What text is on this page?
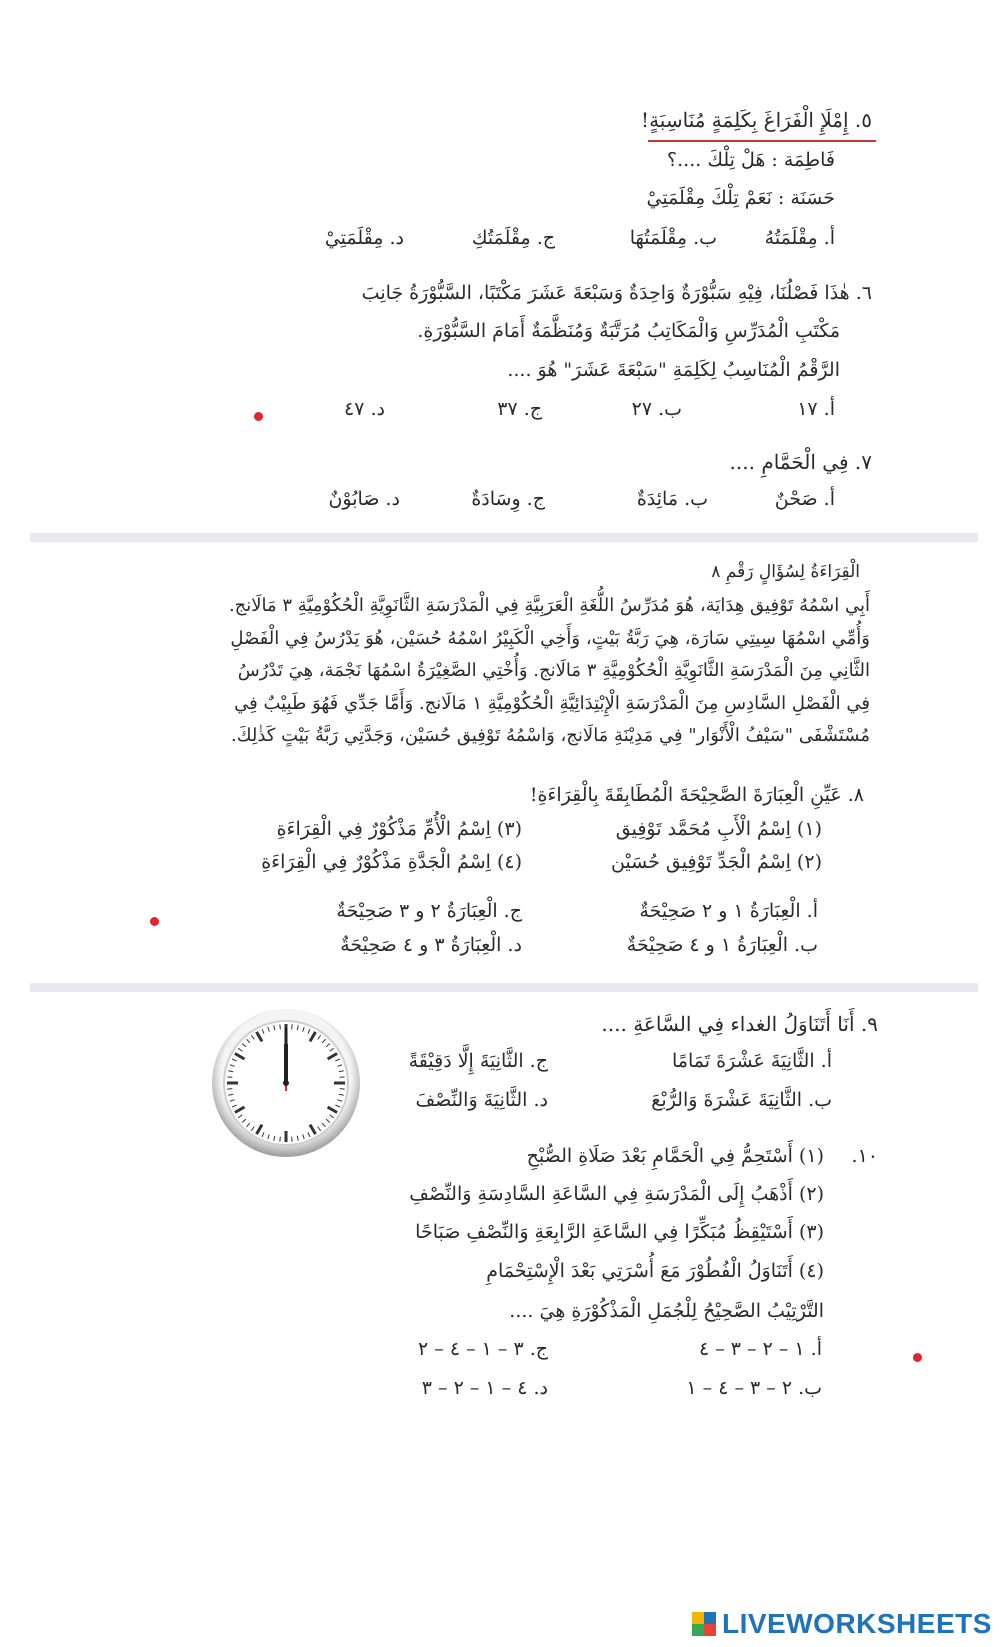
٥. إِمْلَإِ الْفَرَاغَ بِكَلِمَةٍ مُنَاسِبَةٍ!
فَاطِمَة : هَلْ تِلْكَ ....؟
حَسَنَة : نَعَمْ تِلْكَ مِقْلَمَتِيْ
أ. مِقْلَمَتُهُ
ب. مِقْلَمَتُهَا
ج. مِقْلَمَتُكِ
د. مِقْلَمَتِيْ
٦. هٰذَا فَصْلُنَا، فِيْهِ سَبُّوْرَةٌ وَاحِدَةٌ وَسَبْعَةَ عَشَرَ مَكْتَبًا، السَّبُّوْرَةُ جَانِبَ
مَكْتَبِ الْمُدَرِّسِ وَالْمَكَاتِبُ مُرَتَّبَةٌ وَمُنَظَّمَةٌ أَمَامَ السَّبُّوْرَةِ.
الرَّقْمُ الْمُنَاسِبُ لِكَلِمَةِ "سَبْعَةَ عَشَرَ" هُوَ ....
أ. ١٧
ب. ٢٧
ج. ٣٧
د. ٤٧
٧. فِي الْحَمَّامِ ....
أ. صَحْنٌ
ب. مَائِدَةٌ
ج. وِسَادَةٌ
د. صَابُوْنٌ
الْقِرَاءَةُ لِسُؤَالٍ رَقْمِ ٨
أَبِي اسْمُهُ تَوْفِيق هِدَايَة، هُوَ مُدَرِّسُ اللُّغَةِ الْعَرَبِيَّةِ فِي الْمَدْرَسَةِ الثَّانَوِيَّةِ الْحُكُوْمِيَّةِ ٣ مَالَانج.
وَأُمِّي اسْمُهَا سِيتِي سَارَة، هِيَ رَبَّةُ بَيْتٍ، وَأَخِي الْكَبِيْرُ اسْمُهُ حُسَيْن، هُوَ يَدْرُسُ فِي الْفَصْلِ
الثَّانِي مِنَ الْمَدْرَسَةِ الثَّانَوِيَّةِ الْحُكُوْمِيَّةِ ٣ مَالَانج. وَأُخْتِي الصَّغِيْرَةُ اسْمُهَا نَجْمَة، هِيَ تَدْرُسُ
فِي الْفَصْلِ السَّادِسِ مِنَ الْمَدْرَسَةِ الْإِبْتِدَائِيَّةِ الْحُكُوْمِيَّةِ ١ مَالَانج. وَأَمَّا جَدِّي فَهُوَ طَبِيْبٌ فِي
مُسْتَشْفَى "سَيْفُ الْأَنْوَار" فِي مَدِيْنَةِ مَالَانج، وَاسْمُهُ تَوْفِيق حُسَيْن، وَجَدَّتِي رَبَّةُ بَيْتٍ كَذٰلِكَ.
٨. عَيِّنِ الْعِبَارَةَ الصَّحِيْحَةَ الْمُطَابِقَةَ بِالْقِرَاءَةِ!
(١) اِسْمُ الْأَبِ مُحَمَّد تَوْفِيق
(٣) اِسْمُ الْأُمِّ مَذْكُوْرٌ فِي الْقِرَاءَةِ
(٢) اِسْمُ الْجَدِّ تَوْفِيق حُسَيْن
(٤) اِسْمُ الْجَدَّةِ مَذْكُوْرٌ فِي الْقِرَاءَةِ
أ. الْعِبَارَةُ ١ و ٢ صَحِيْحَةٌ
ج. الْعِبَارَةُ ٢ و ٣ صَحِيْحَةٌ
ب. الْعِبَارَةُ ١ و ٤ صَحِيْحَةٌ
د. الْعِبَارَةُ ٣ و ٤ صَحِيْحَةٌ
٩. أَنَا أَتَنَاوَلُ الغداء فِي السَّاعَةِ ....
أ. الثَّانِيَةَ عَشْرَةَ تَمَامًا
ج. الثَّانِيَةَ إِلَّا دَقِيْقَةً
ب. الثَّانِيَةَ عَشْرَةَ وَالرُّبْعَ
د. الثَّانِيَةَ وَالنِّصْفَ
١٠.
(١) أَسْتَحِمُّ فِي الْحَمَّامِ بَعْدَ صَلَاةِ الصُّبْحِ
(٢) أَذْهَبُ إِلَى الْمَدْرَسَةِ فِي السَّاعَةِ السَّادِسَةِ وَالنِّصْفِ
(٣) أَسْتَيْقِظُ مُبَكِّرًا فِي السَّاعَةِ الرَّابِعَةِ وَالنِّصْفِ صَبَاحًا
(٤) أَتَنَاوَلُ الْفُطُوْرَ مَعَ أُسْرَتِي بَعْدَ الْإِسْتِحْمَامِ
التَّرْتِيْبُ الصَّحِيْحُ لِلْجُمَلِ الْمَذْكُوْرَةِ هِيَ ....
أ. ١ – ٢ – ٣ – ٤
ج. ٣ – ١ – ٤ – ٢
ب. ٢ – ٣ – ٤ – ١
د. ٤ – ١ – ٢ – ٣
LIVEWORKSHEETS
